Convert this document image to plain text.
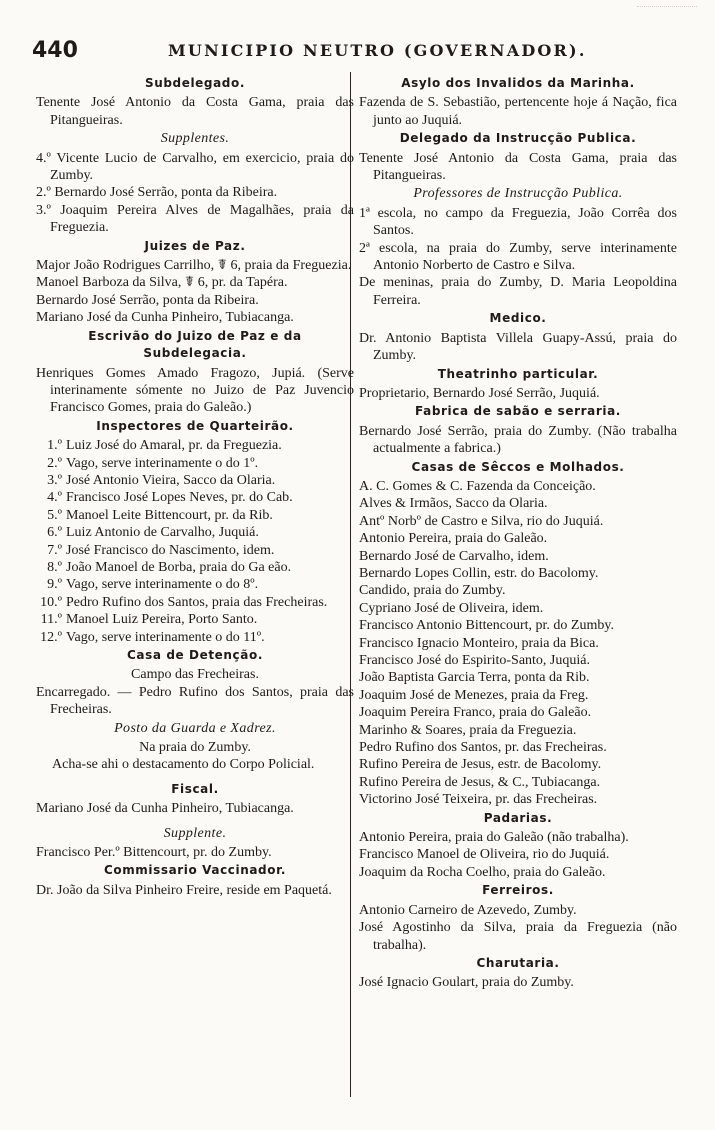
440	MUNICIPIO NEUTRO (GOVERNADOR).
Subdelegado.
Tenente José Antonio da Costa Gama, praia das Pitangueiras.
Supplentes.
4.º Vicente Lucio de Carvalho, em exercicio, praia do Zumby.
2.º Bernardo José Serrão, ponta da Ribeira.
3.º Joaquim Pereira Alves de Magalhães, praia da Freguezia.
Juizes de Paz.
Major João Rodrigues Carrilho, ☤ 6, praia da Freguezia.
Manoel Barboza da Silva, ☤ 6, pr. da Tapéra.
Bernardo José Serrão, ponta da Ribeira.
Mariano José da Cunha Pinheiro, Tubiacanga.
Escrivão do Juizo de Paz e da Subdelegacia.
Henriques Gomes Amado Fragozo, Jupiá. (Serve interinamente sómente no Juizo de Paz Juvencio Francisco Gomes, praia do Galeão.)
Inspectores de Quarteirão.
1.º Luiz José do Amaral, pr. da Freguezia.
2.º Vago, serve interinamente o do 1º.
3.º José Antonio Vieira, Sacco da Olaria.
4.º Francisco José Lopes Neves, pr. do Cab.
5.º Manoel Leite Bittencourt, pr. da Rib.
6.º Luiz Antonio de Carvalho, Juquiá.
7.º José Francisco do Nascimento, idem.
8.º João Manoel de Borba, praia do Ga eão.
9.º Vago, serve interinamente o do 8º.
10.º Pedro Rufino dos Santos, praia das Frecheiras.
11.º Manoel Luiz Pereira, Porto Santo.
12.º Vago, serve interinamente o do 11º.
Casa de Detenção.
Campo das Frecheiras.
Encarregado. — Pedro Rufino dos Santos, praia das Frecheiras.
Posto da Guarda e Xadrez.
Na praia do Zumby.
Acha-se ahi o destacamento do Corpo Policial.
Fiscal.
Mariano José da Cunha Pinheiro, Tubiacanga.
Supplente.
Francisco Per.º Bittencourt, pr. do Zumby.
Commissario Vaccinador.
Dr. João da Silva Pinheiro Freire, reside em Paquetá.
Asylo dos Invalidos da Marinha.
Fazenda de S. Sebastião, pertencente hoje á Nação, fica junto ao Juquiá.
Delegado da Instrucção Publica.
Tenente José Antonio da Costa Gama, praia das Pitangueiras.
Professores de Instrucção Publica.
1ª escola, no campo da Freguezia, João Corrêa dos Santos.
2ª escola, na praia do Zumby, serve interinamente Antonio Norberto de Castro e Silva.
De meninas, praia do Zumby, D. Maria Leopoldina Ferreira.
Medico.
Dr. Antonio Baptista Villela Guapy-Assú, praia do Zumby.
Theatrinho particular.
Proprietario, Bernardo José Serrão, Juquiá.
Fabrica de sabão e serraria.
Bernardo José Serrão, praia do Zumby. (Não trabalha actualmente a fabrica.)
Casas de Sêccos e Molhados.
A. C. Gomes & C. Fazenda da Conceição.
Alves & Irmãos, Sacco da Olaria.
Antº Norbº de Castro e Silva, rio do Juquiá.
Antonio Pereira, praia do Galeão.
Bernardo José de Carvalho, idem.
Bernardo Lopes Collin, estr. do Bacolomy.
Candido, praia do Zumby.
Cypriano José de Oliveira, idem.
Francisco Antonio Bittencourt, pr. do Zumby.
Francisco Ignacio Monteiro, praia da Bica.
Francisco José do Espirito-Santo, Juquiá.
João Baptista Garcia Terra, ponta da Rib.
Joaquim José de Menezes, praia da Freg.
Joaquim Pereira Franco, praia do Galeão.
Marinho & Soares, praia da Freguezia.
Pedro Rufino dos Santos, pr. das Frecheiras.
Rufino Pereira de Jesus, estr. de Bacolomy.
Rufino Pereira de Jesus, & C., Tubiacanga.
Victorino José Teixeira, pr. das Frecheiras.
Padarias.
Antonio Pereira, praia do Galeão (não trabalha).
Francisco Manoel de Oliveira, rio do Juquiá.
Joaquim da Rocha Coelho, praia do Galeão.
Ferreiros.
Antonio Carneiro de Azevedo, Zumby.
José Agostinho da Silva, praia da Freguezia (não trabalha).
Charutaria.
José Ignacio Goulart, praia do Zumby.
